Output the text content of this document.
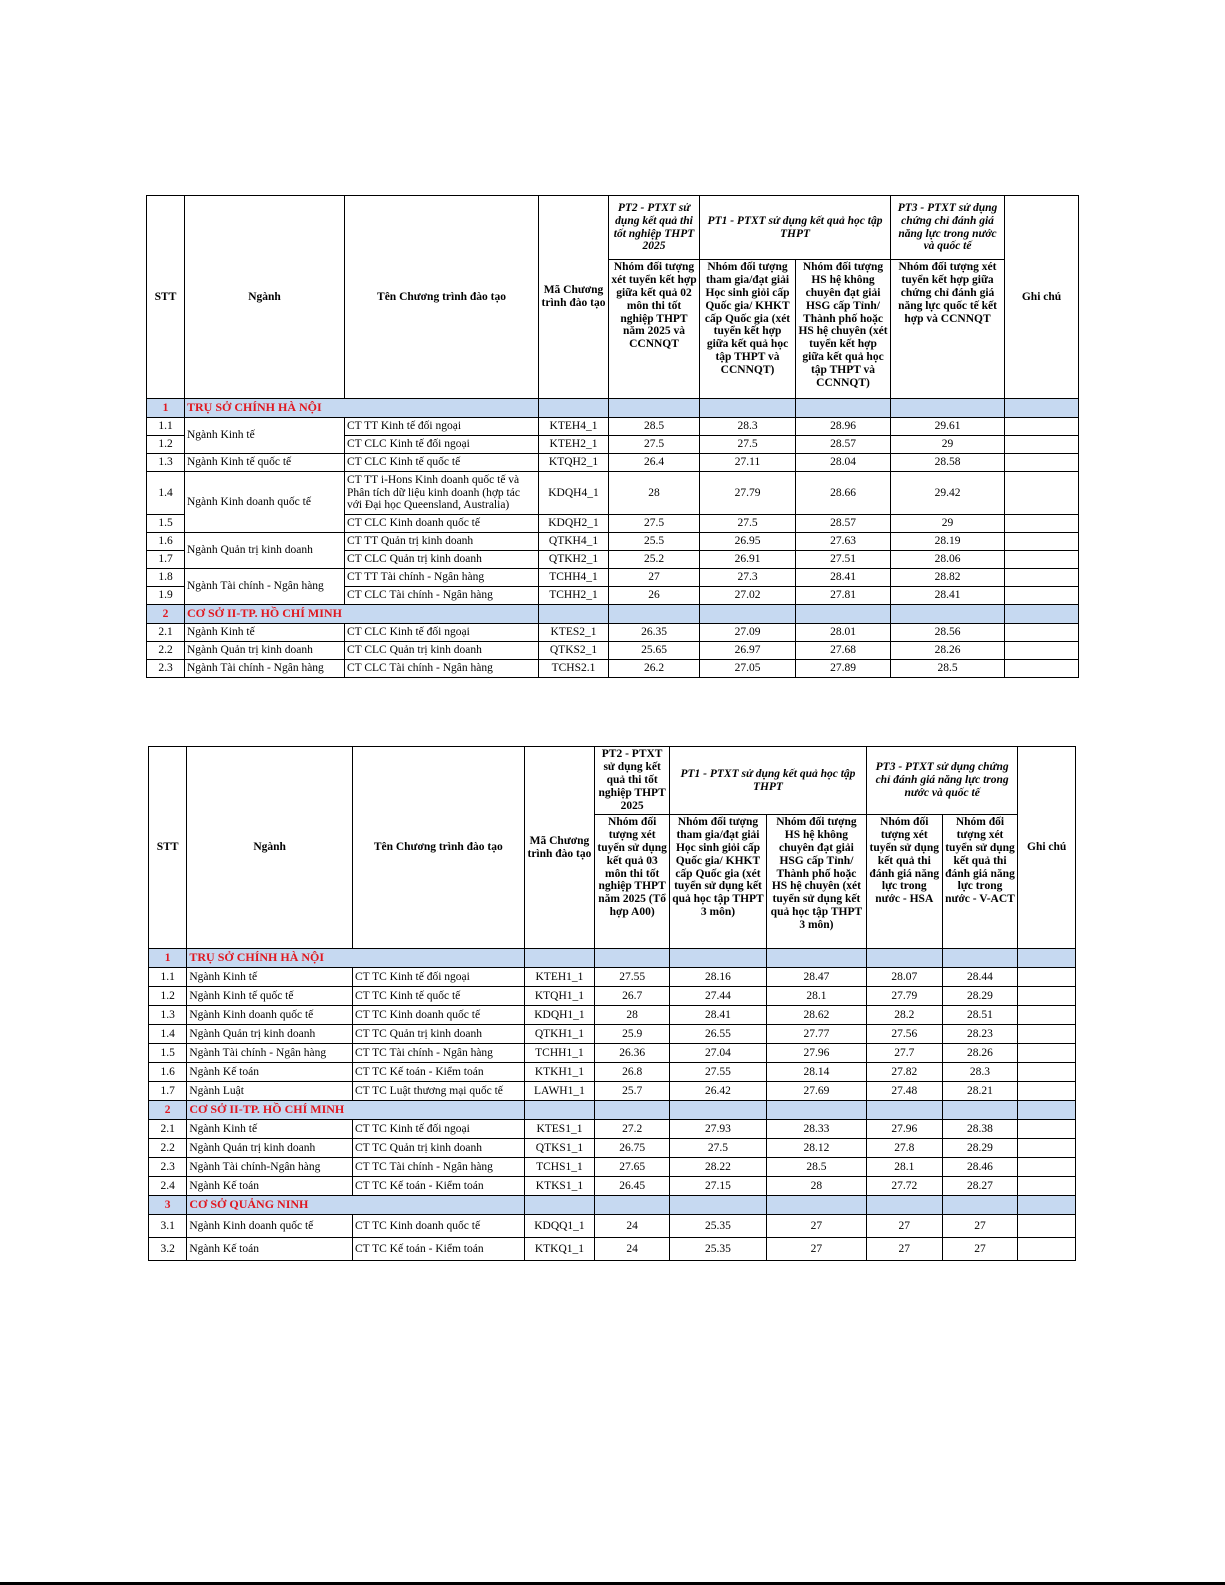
STT	Ngành	Tên Chương trình đào tạo	Mã Chương trình đào tạo	PT2 - PTXT sử dụng kết quả thi tốt nghiệp THPT 2025	PT1 - PTXT sử dụng kết quả học tập THPT		PT3 - PTXT sử dụng chứng chỉ đánh giá năng lực trong nước và quốc tế	Ghi chú
				Nhóm đối tượng xét tuyển kết hợp giữa kết quả 02 môn thi tốt nghiệp THPT năm 2025 và CCNNQT	Nhóm đối tượng tham gia/đạt giải Học sinh giỏi cấp Quốc gia/ KHKT cấp Quốc gia (xét tuyển kết hợp giữa kết quả học tập THPT và CCNNQT)	Nhóm đối tượng HS hệ không chuyên đạt giải HSG cấp Tỉnh/ Thành phố hoặc HS hệ chuyên (xét tuyển kết hợp giữa kết quả học tập THPT và CCNNQT)	Nhóm đối tượng xét tuyển kết hợp giữa chứng chỉ đánh giá năng lực quốc tế kết hợp và CCNNQT	
1	TRỤ SỞ CHÍNH HÀ NỘI							
1.1	Ngành Kinh tế	CT TT Kinh tế đối ngoại	KTEH4_1	28.5	28.3	28.96	29.61	
1.2		CT CLC Kinh tế đối ngoại	KTEH2_1	27.5	27.5	28.57	29	
1.3	Ngành Kinh tế quốc tế	CT CLC Kinh tế quốc tế	KTQH2_1	26.4	27.11	28.04	28.58	
1.4	Ngành Kinh doanh quốc tế	CT TT i-Hons Kinh doanh quốc tế và Phân tích dữ liệu kinh doanh (hợp tác với Đại học Queensland, Australia)	KDQH4_1	28	27.79	28.66	29.42	
1.5		CT CLC Kinh doanh quốc tế	KDQH2_1	27.5	27.5	28.57	29	
1.6	Ngành Quản trị kinh doanh	CT TT Quản trị kinh doanh	QTKH4_1	25.5	26.95	27.63	28.19	
1.7		CT CLC Quản trị kinh doanh	QTKH2_1	25.2	26.91	27.51	28.06	
1.8	Ngành Tài chính - Ngân hàng	CT TT Tài chính - Ngân hàng	TCHH4_1	27	27.3	28.41	28.82	
1.9		CT CLC Tài chính - Ngân hàng	TCHH2_1	26	27.02	27.81	28.41	
2	CƠ SỞ II-TP. HỒ CHÍ MINH							
2.1	Ngành Kinh tế	CT CLC Kinh tế đối ngoại	KTES2_1	26.35	27.09	28.01	28.56	
2.2	Ngành Quản trị kinh doanh	CT CLC Quản trị kinh doanh	QTKS2_1	25.65	26.97	27.68	28.26	
2.3	Ngành Tài chính - Ngân hàng	CT CLC Tài chính - Ngân hàng	TCHS2.1	26.2	27.05	27.89	28.5	
STT	Ngành	Tên Chương trình đào tạo	Mã Chương trình đào tạo	PT2 - PTXT sử dụng kết quả thi tốt nghiệp THPT 2025	PT1 - PTXT sử dụng kết quả học tập THPT		PT3 - PTXT sử dụng chứng chỉ đánh giá năng lực trong nước và quốc tế		Ghi chú
				Nhóm đối tượng xét tuyển sử dụng kết quả 03 môn thi tốt nghiệp THPT năm 2025 (Tổ hợp A00)	Nhóm đối tượng tham gia/đạt giải Học sinh giỏi cấp Quốc gia/ KHKT cấp Quốc gia (xét tuyển sử dụng kết quả học tập THPT 3 môn)	Nhóm đối tượng HS hệ không chuyên đạt giải HSG cấp Tỉnh/ Thành phố hoặc HS hệ chuyên (xét tuyển sử dụng kết quả học tập THPT 3 môn)	Nhóm đối tượng xét tuyển sử dụng kết quả thi đánh giá năng lực trong nước - HSA	Nhóm đối tượng xét tuyển sử dụng kết quả thi đánh giá năng lực trong nước - V-ACT	
1	TRỤ SỞ CHÍNH HÀ NỘI								
1.1	Ngành Kinh tế	CT TC Kinh tế đối ngoại	KTEH1_1	27.55	28.16	28.47	28.07	28.44	
1.2	Ngành Kinh tế quốc tế	CT TC Kinh tế quốc tế	KTQH1_1	26.7	27.44	28.1	27.79	28.29	
1.3	Ngành Kinh doanh quốc tế	CT TC Kinh doanh quốc tế	KDQH1_1	28	28.41	28.62	28.2	28.51	
1.4	Ngành Quản trị kinh doanh	CT TC Quản trị kinh doanh	QTKH1_1	25.9	26.55	27.77	27.56	28.23	
1.5	Ngành Tài chính - Ngân hàng	CT TC Tài chính - Ngân hàng	TCHH1_1	26.36	27.04	27.96	27.7	28.26	
1.6	Ngành Kế toán	CT TC Kế toán - Kiểm toán	KTKH1_1	26.8	27.55	28.14	27.82	28.3	
1.7	Ngành Luật	CT TC Luật thương mại quốc tế	LAWH1_1	25.7	26.42	27.69	27.48	28.21	
2	CƠ SỞ II-TP. HỒ CHÍ MINH								
2.1	Ngành Kinh tế	CT TC Kinh tế đối ngoại	KTES1_1	27.2	27.93	28.33	27.96	28.38	
2.2	Ngành Quản trị kinh doanh	CT TC Quản trị kinh doanh	QTKS1_1	26.75	27.5	28.12	27.8	28.29	
2.3	Ngành Tài chính-Ngân hàng	CT TC Tài chính - Ngân hàng	TCHS1_1	27.65	28.22	28.5	28.1	28.46	
2.4	Ngành Kế toán	CT TC Kế toán - Kiểm toán	KTKS1_1	26.45	27.15	28	27.72	28.27	
3	CƠ SỞ QUẢNG NINH								
3.1	Ngành Kinh doanh quốc tế	CT TC Kinh doanh quốc tế	KDQQ1_1	24	25.35	27	27	27	
3.2	Ngành Kế toán	CT TC Kế toán - Kiểm toán	KTKQ1_1	24	25.35	27	27	27	
